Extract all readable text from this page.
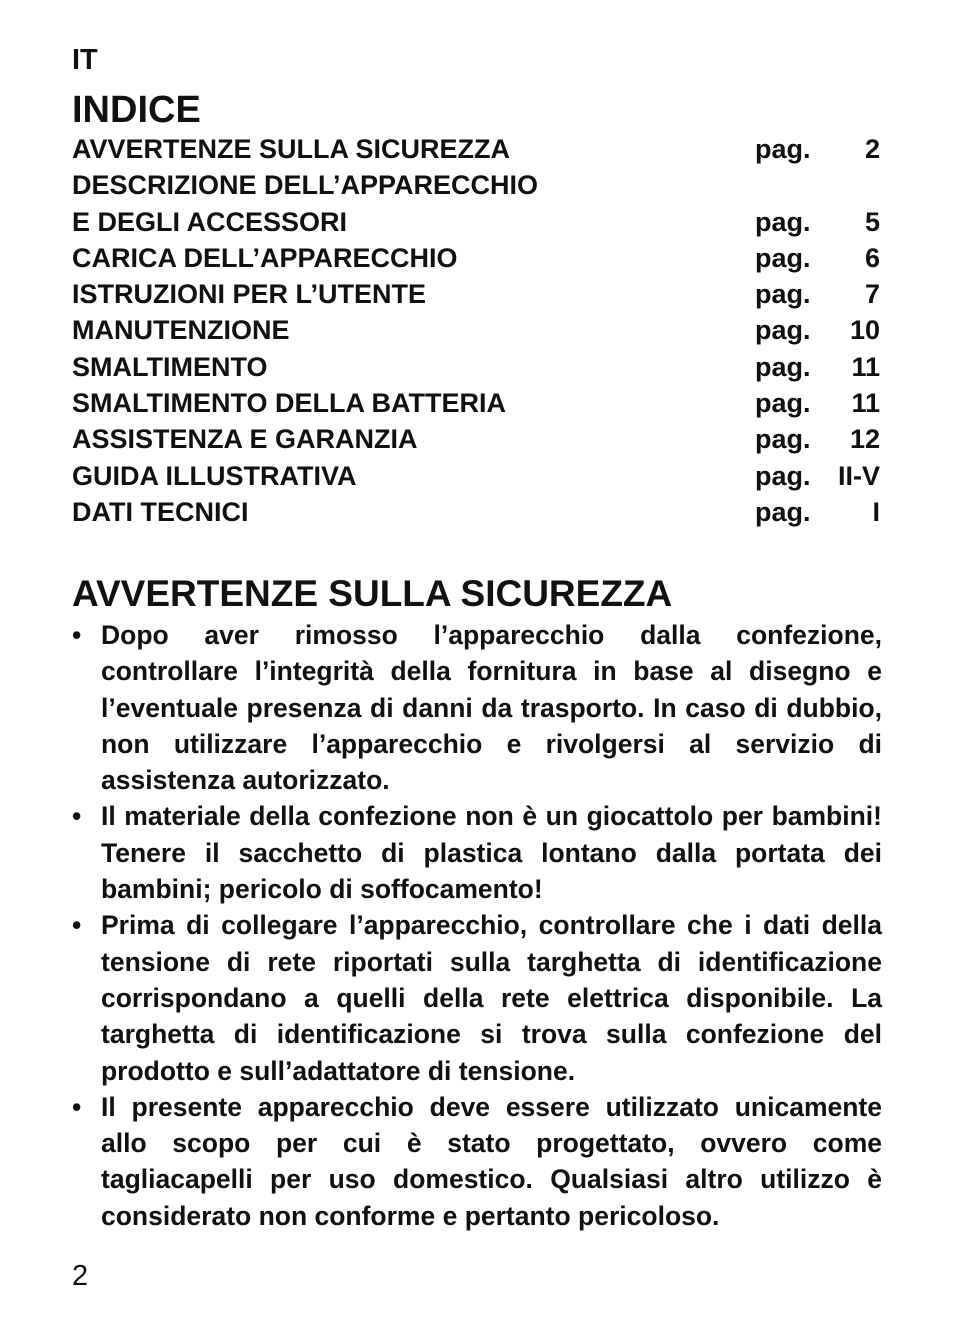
IT
INDICE
AVVERTENZE SULLA SICUREZZA	pag. 2
DESCRIZIONE DELL’APPARECCHIO
E DEGLI ACCESSORI	pag. 5
CARICA DELL’APPARECCHIO	pag. 6
ISTRUZIONI PER L’UTENTE	pag. 7
MANUTENZIONE	pag. 10
SMALTIMENTO	pag. 11
SMALTIMENTO DELLA BATTERIA	pag. 11
ASSISTENZA E GARANZIA	pag. 12
GUIDA ILLUSTRATIVA	pag. II-V
DATI TECNICI	pag. I
AVVERTENZE SULLA SICUREZZA
• Dopo aver rimosso l’apparecchio dalla confezione, controllare l’integrità della fornitura in base al disegno e l’eventuale presenza di danni da trasporto. In caso di dubbio, non utilizzare l’apparecchio e rivolgersi al servizio di assistenza autorizzato.
• Il materiale della confezione non è un giocattolo per bambini! Tenere il sacchetto di plastica lontano dalla portata dei bambini; pericolo di soffocamento!
• Prima di collegare l’apparecchio, controllare che i dati della tensione di rete riportati sulla targhetta di identificazione corrispondano a quelli della rete elettrica disponibile. La targhetta di identificazione si trova sulla confezione del prodotto e sull’adattatore di tensione.
• Il presente apparecchio deve essere utilizzato unicamente allo scopo per cui è stato progettato, ovvero come tagliacapelli per uso domestico. Qualsiasi altro utilizzo è considerato non conforme e pertanto pericoloso.
2
